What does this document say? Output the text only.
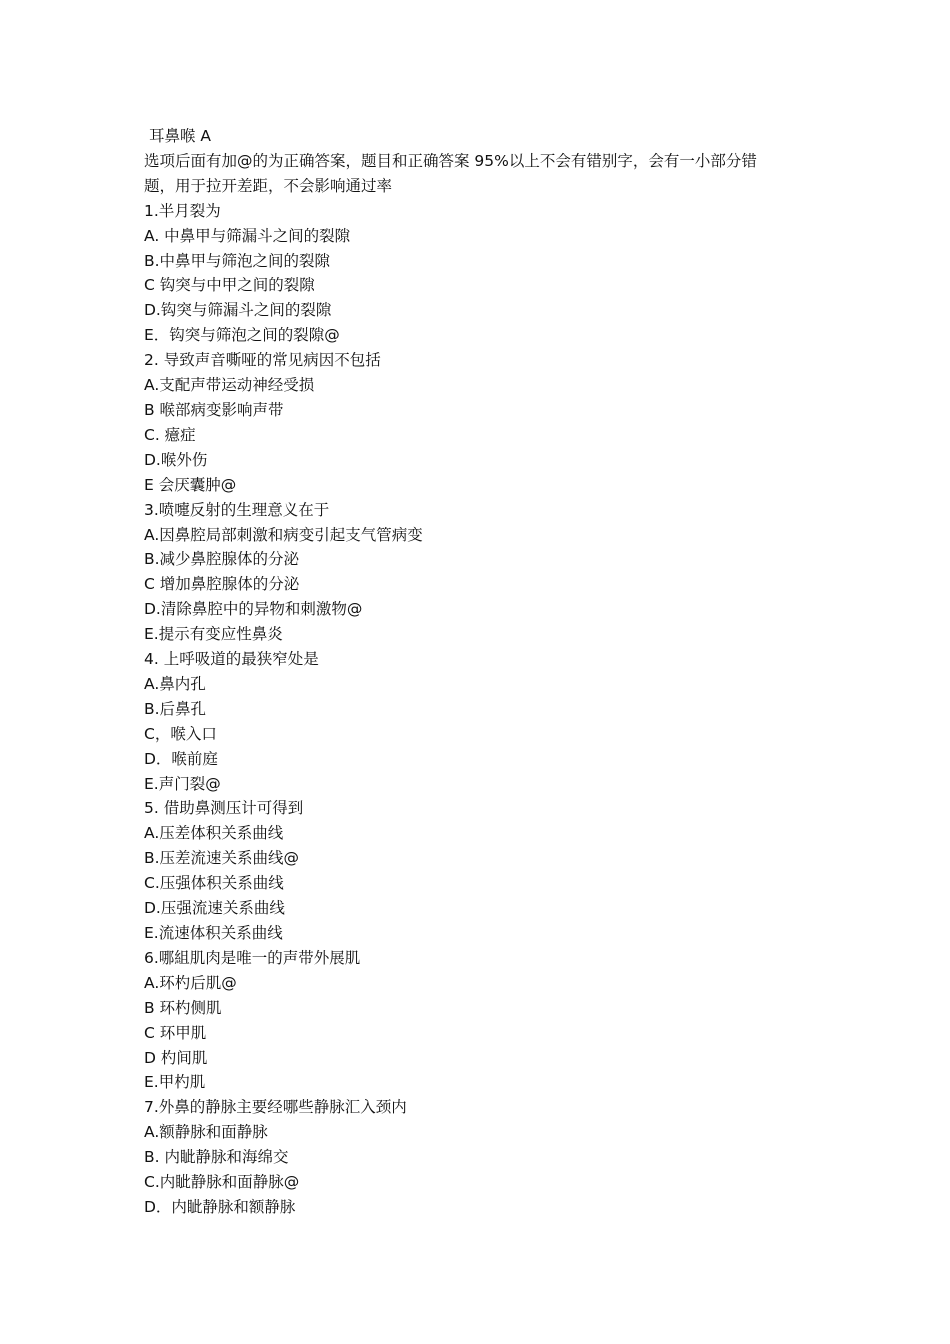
耳鼻喉 A

选项后面有加@的为正确答案，题目和正确答案 95%以上不会有错别字，会有一小部分错

题，用于拉开差距，不会影响通过率

1.半月裂为

A. 中鼻甲与筛漏斗之间的裂隙

B.中鼻甲与筛泡之间的裂隙

C 钩突与中甲之间的裂隙

D.钩突与筛漏斗之间的裂隙

E．钩突与筛泡之间的裂隙@

2. 导致声音嘶哑的常见病因不包括

A.支配声带运动神经受损

B 喉部病变影响声带

C. 癔症

D.喉外伤

E 会厌囊肿@

3.喷嚏反射的生理意义在于

A.因鼻腔局部刺激和病变引起支气管病变

B.减少鼻腔腺体的分泌

C 增加鼻腔腺体的分泌

D.清除鼻腔中的异物和刺激物@

E.提示有变应性鼻炎

4. 上呼吸道的最狭窄处是

A.鼻内孔

B.后鼻孔

C，喉入口

D．喉前庭

E.声门裂@

5. 借助鼻测压计可得到

A.压差体积关系曲线

B.压差流速关系曲线@

C.压强体积关系曲线

D.压强流速关系曲线

E.流速体积关系曲线

6.哪組肌肉是唯一的声带外展肌

A.环杓后肌@

B 环杓侧肌

C 环甲肌

D 杓间肌

E.甲杓肌

7.外鼻的静脉主要经哪些静脉汇入颈内

A.额静脉和面静脉

B. 内眦静脉和海绵交

C.内眦静脉和面静脉@

D．内眦静脉和额静脉
